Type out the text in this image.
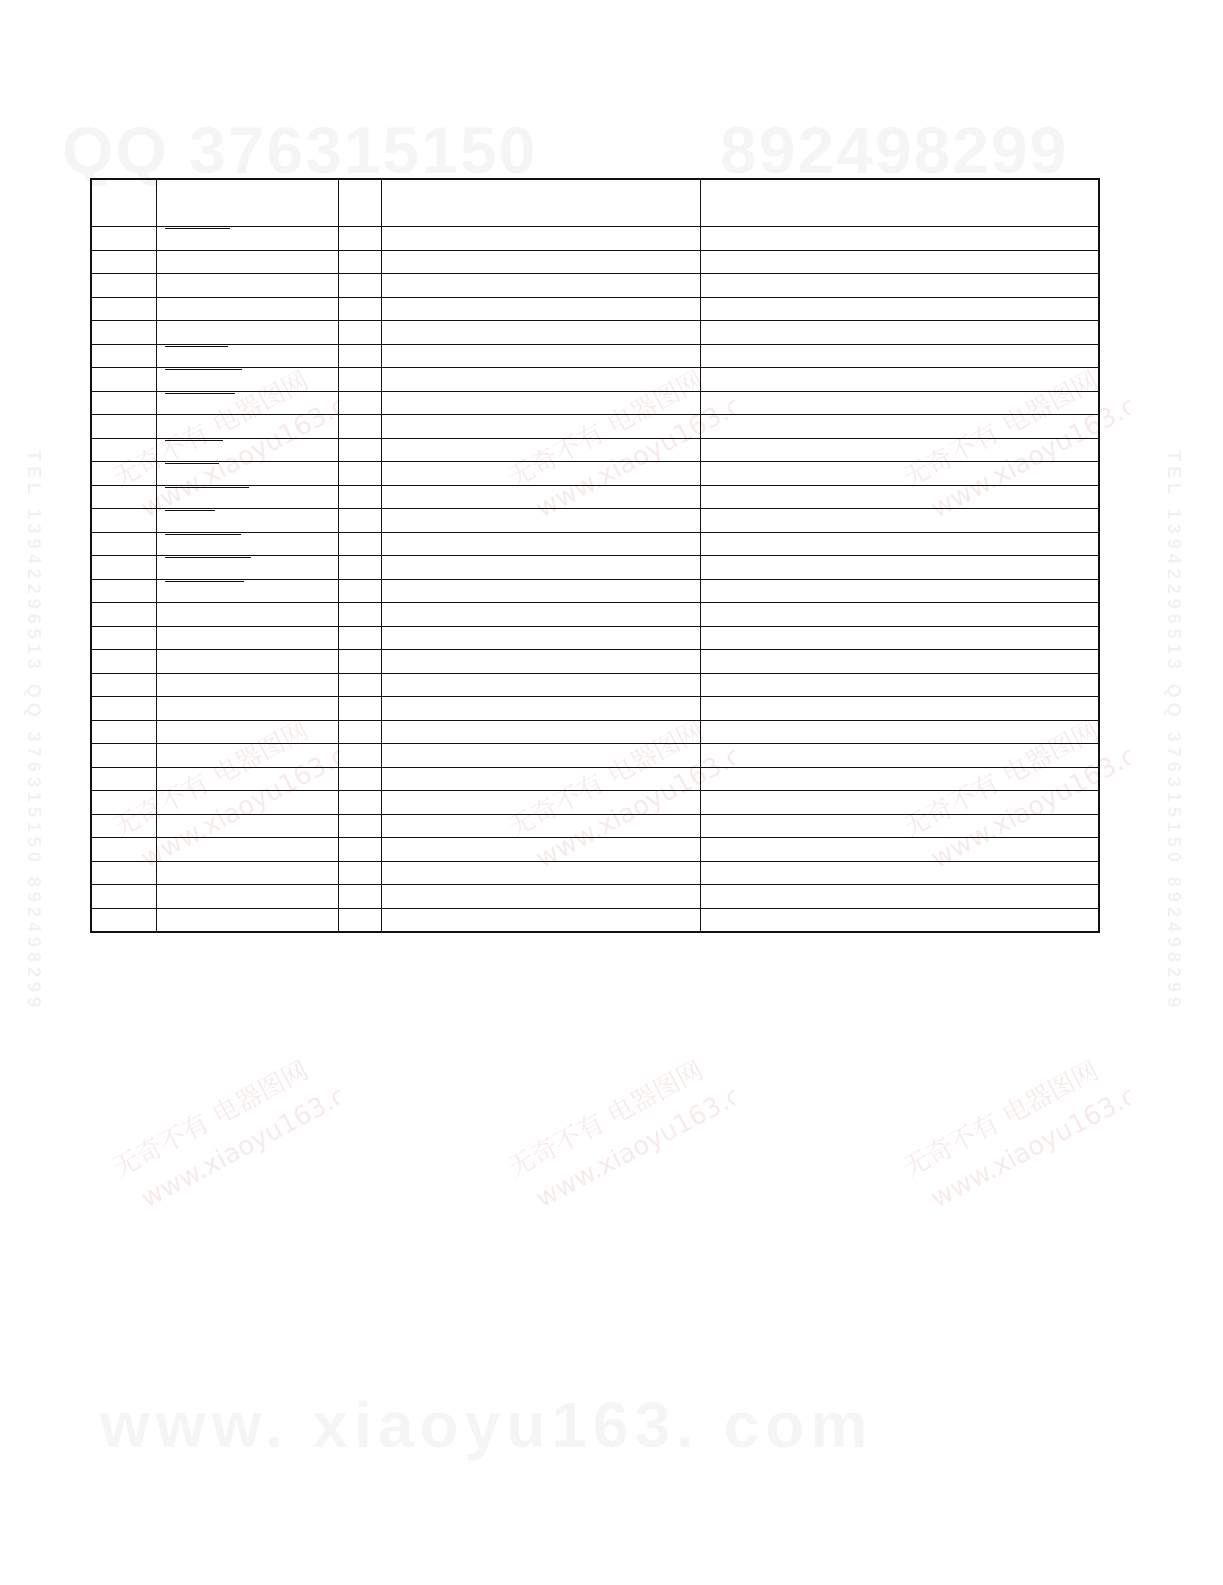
TEL 13942296513 QQ 376315150 892498299	TEL 13942296513 QQ 376315150 892498299
无奇不有 电器图网
www.xiaoyu163.com	无奇不有 电器图网
www.xiaoyu163.com	无奇不有 电器图网
www.xiaoyu163.com
无奇不有 电器图网
www.xiaoyu163.com	无奇不有 电器图网
www.xiaoyu163.com	无奇不有 电器图网
www.xiaoyu163.com
无奇不有 电器图网
www.xiaoyu163.com	无奇不有 电器图网
www.xiaoyu163.com	无奇不有 电器图网
www.xiaoyu163.com
